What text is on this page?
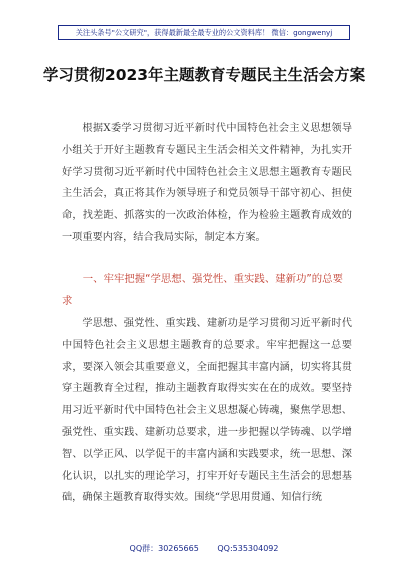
关注头条号"公文研究"，获得最新最全最专业的公文资料库！ 微信：gongwenyj
学习贯彻2023年主题教育专题民主生活会方案
根据X委学习贯彻习近平新时代中国特色社会主义思想领导小组关于开好主题教育专题民主生活会相关文件精神，为扎实开好学习贯彻习近平新时代中国特色社会主义思想主题教育专题民主生活会，真正将其作为领导班子和党员领导干部守初心、担使命，找差距、抓落实的一次政治体检，作为检验主题教育成效的一项重要内容，结合我局实际，制定本方案。
一、牢牢把握“学思想、强党性、重实践、建新功”的总要求
学思想、强党性、重实践、建新功是学习贯彻习近平新时代中国特色社会主义思想主题教育的总要求。牢牢把握这一总要求，要深入领会其重要意义，全面把握其丰富内涵，切实将其贯穿主题教育全过程，推动主题教育取得实实在在的成效。要坚持用习近平新时代中国特色社会主义思想凝心铸魂，聚焦学思想、强党性、重实践、建新功总要求，进一步把握以学铸魂、以学增智、以学正风、以学促干的丰富内涵和实践要求，统一思想、深化认识，以扎实的理论学习，打牢开好专题民主生活会的思想基础，确保主题教育取得实效。围绕“学思用贯通、知信行统
QQ群：30265665 QQ:535304092
